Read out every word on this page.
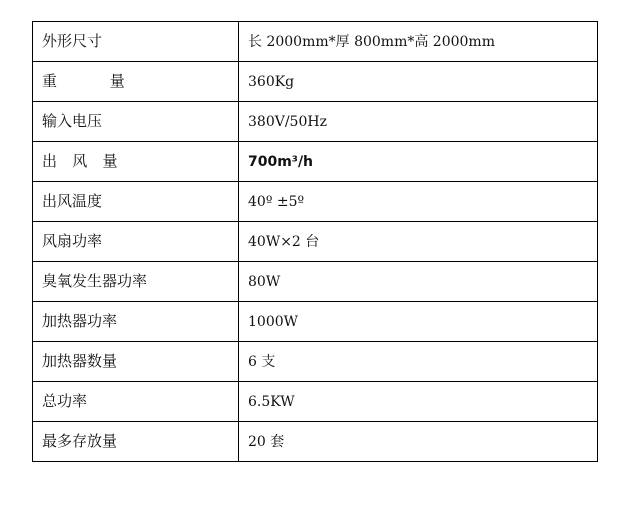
外形尺寸	长 2000mm*厚 800mm*高 2000mm
重 量	360Kg
输入电压	380V/50Hz
出 风 量	700m³/h
出风温度	40º ±5º
风扇功率	40W×2 台
臭氧发生器功率	80W
加热器功率	1000W
加热器数量	6 支
总功率	6.5KW
最多存放量	20 套
